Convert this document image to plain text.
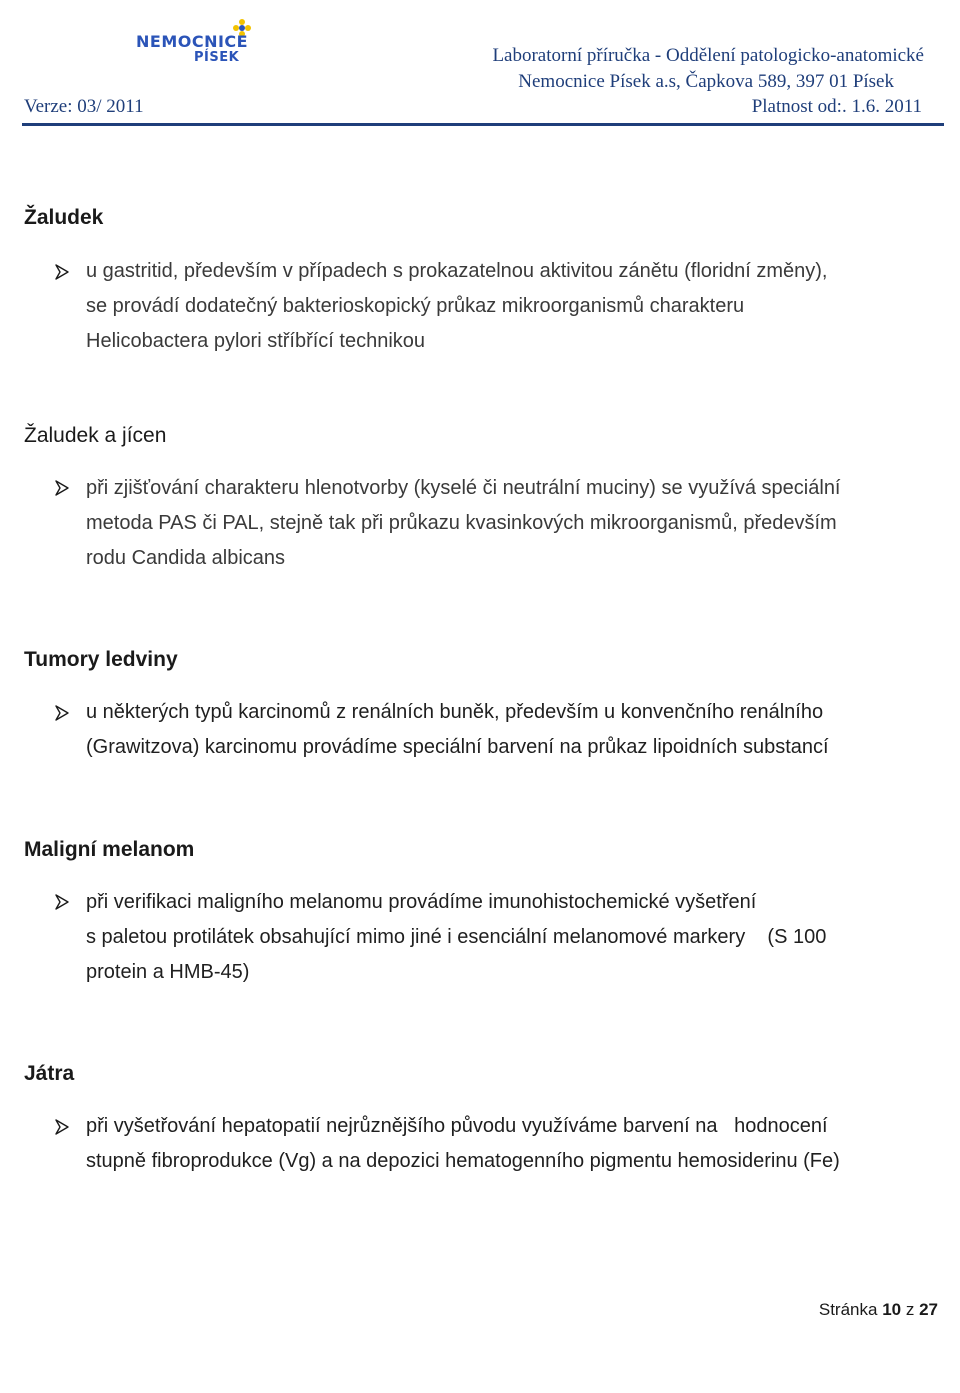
NEMOCNICE
PÍSEK	Laboratorní příručka - Oddělení patologicko-anatomické
Nemocnice Písek a.s, Čapkova 589, 397 01 Písek
Verze: 03/ 2011	Platnost od:. 1.6. 2011
Žaludek
u gastritid, především v případech s prokazatelnou aktivitou zánětu (floridní změny),
se provádí dodatečný bakterioskopický průkaz mikroorganismů charakteru
Helicobactera pylori stříbřící technikou
Žaludek a jícen
při zjišťování charakteru hlenotvorby (kyselé či neutrální muciny) se využívá speciální
metoda PAS či PAL, stejně tak při průkazu kvasinkových mikroorganismů, především
rodu Candida albicans
Tumory ledviny
u některých typů karcinomů z renálních buněk, především u konvenčního renálního
(Grawitzova) karcinomu provádíme speciální barvení na průkaz lipoidních substancí
Maligní melanom
při verifikaci maligního melanomu provádíme imunohistochemické vyšetření
s paletou protilátek obsahující mimo jiné i esenciální melanomové markery    (S 100
protein a HMB-45)
Játra
při vyšetřování hepatopatií nejrůznějšího původu využíváme barvení na   hodnocení
stupně fibroprodukce (Vg) a na depozici hematogenního pigmentu hemosiderinu (Fe)
Stránka 10 z 27
